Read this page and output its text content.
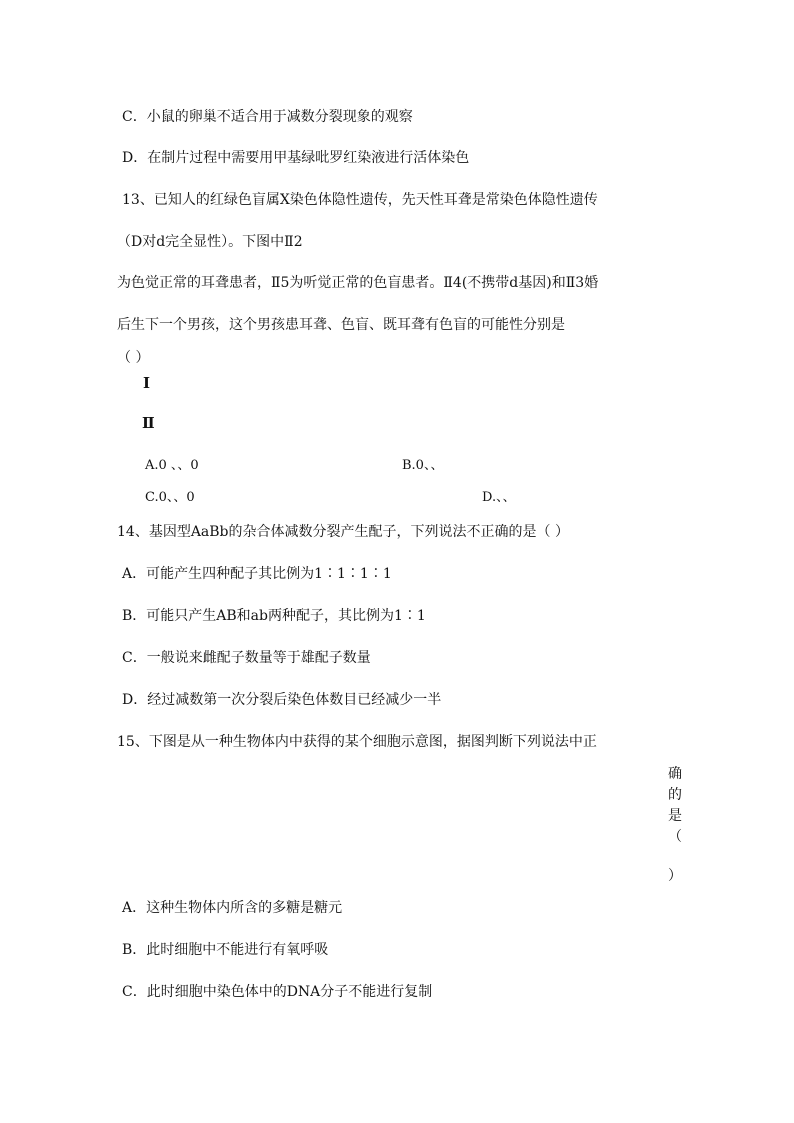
C．小鼠的卵巢不适合用于减数分裂现象的观察
D．在制片过程中需要用甲基绿吡罗红染液进行活体染色
13、已知人的红绿色盲属X染色体隐性遗传，先天性耳聋是常染色体隐性遗传
（D对d完全显性）。下图中Ⅱ2
为色觉正常的耳聋患者，Ⅱ5为听觉正常的色盲患者。Ⅱ4(不携带d基因)和Ⅱ3婚
后生下一个男孩，这个男孩患耳聋、色盲、既耳聋有色盲的可能性分别是
（ ）
Ⅰ
Ⅱ
A.0 、、0	B.0、、
C.0、、0	D.、、
14、基因型AaBb的杂合体减数分裂产生配子，下列说法不正确的是（ ）
A．可能产生四种配子其比例为1∶1∶1∶1
B．可能只产生AB和ab两种配子，其比例为1∶1
C．一般说来雌配子数量等于雄配子数量
D．经过减数第一次分裂后染色体数目已经减少一半
15、下图是从一种生物体内中获得的某个细胞示意图，据图判断下列说法中正
确
的
是
（
）
A．这种生物体内所含的多糖是糖元
B．此时细胞中不能进行有氧呼吸
C．此时细胞中染色体中的DNA分子不能进行复制
